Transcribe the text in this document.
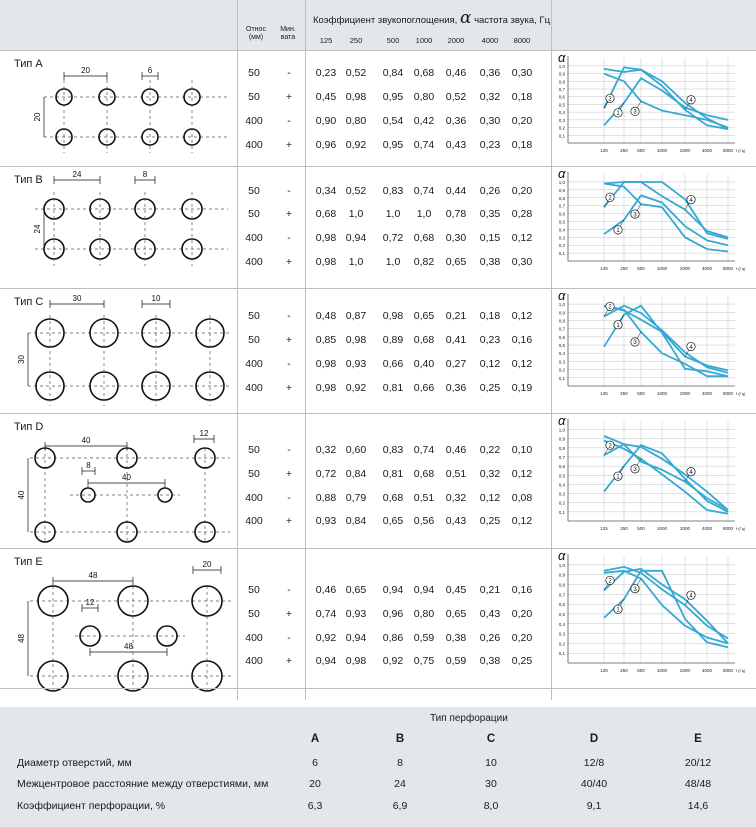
Относ
(мм)
Мин.
вата
Коэффициент звукопоглощения, α частота звука, Гц
125	250	500	1000	2000	4000	8000
Тип А
20	6
20
50	-	0,23 0,52	0,84	0,68	0,46	0,36	0,30
50	+	0,45 0,98	0,95	0,80	0,52	0,32	0,18
400	-	0,90 0,80	0,54	0,42	0,36	0,30	0,20
400	+	0,96 0,92	0,95	0,74	0,43	0,23	0,18
α
1,0
0,9
0,8
0,7
0,6
0,5
0,4
0,3
0,2
0,1
125	250 500	1000	2000	4000 8000 f (Гц)
1
2
3
4
Тип В	24	8
24
50	-	0,34 0,52	0,83	0,74	0,44	0,26	0,20
50	+	0,68	1,0	1,0	1,0	0,78	0,35	0,28
400	-	0,98 0,94	0,72	0,68	0,30	0,15	0,12
400	+	0,98	1,0	1,0	0,82	0,65	0,38	0,30
α
1,0
0,9
0,8
0,7
0,6
0,5
0,4
0,3
0,2
0,1
125	250 500	1000	2000	4000 8000 f (Гц)
1
2
3
4
Тип С	30	10
30
50	-	0,48 0,87	0,98	0,65	0,21	0,18	0,12
50	+	0,85 0,98	0,89	0,68	0,41	0,23	0,16
400	-	0,98 0,93	0,66	0,40	0,27	0,12	0,12
400	+	0,98 0,92	0,81	0,66	0,36	0,25	0,19
α
1,0
0,9
0,8
0,7
0,6
0,5
0,4
0,3
0,2
0,1
125	250 500	1000	2000	4000 8000 f (Гц)
1
2
3
4
Тип D
40
12
8
40
40
50	-	0,32 0,60	0,83	0,74	0,46	0,22	0,10
50	+	0,72 0,84	0,81	0,68	0,51	0,32	0,12
400	-	0,88 0,79	0,68	0,51	0,32	0,12	0,08
400	+	0,93 0,84	0,65	0,56	0,43	0,25	0,12
α
1,0
0,9
0,8
0,7
0,6
0,5
0,4
0,3
0,2
0,1
125	250 500	1000	2000	4000 8000 f (Гц)
1
2
3	4
Тип Е
48
20
12
48
48
50	-	0,46 0,65	0,94	0,94	0,45	0,21	0,16
50	+	0,74 0,93	0,96	0,80	0,65	0,43	0,20
400	-	0,92 0,94	0,86	0,59	0,38	0,26	0,20
400	+	0,94 0,98	0,92	0,75	0,59	0,38	0,25
α
1,0
0,9
0,8
0,7
0,6
0,5
0,4
0,3
0,2
0,1
125	250 500	1000	2000	4000 8000 f (Гц)
1
2
3
4
Тип перфорации
A	B	C	D	E
Диаметр отверстий, мм	6	8	10	12/8	20/12
Межцентровое расстояние между отверстиями, мм	20	24	30	40/40	48/48
Коэффициент перфорации, %	6,3	6,9	8,0	9,1	14,6
